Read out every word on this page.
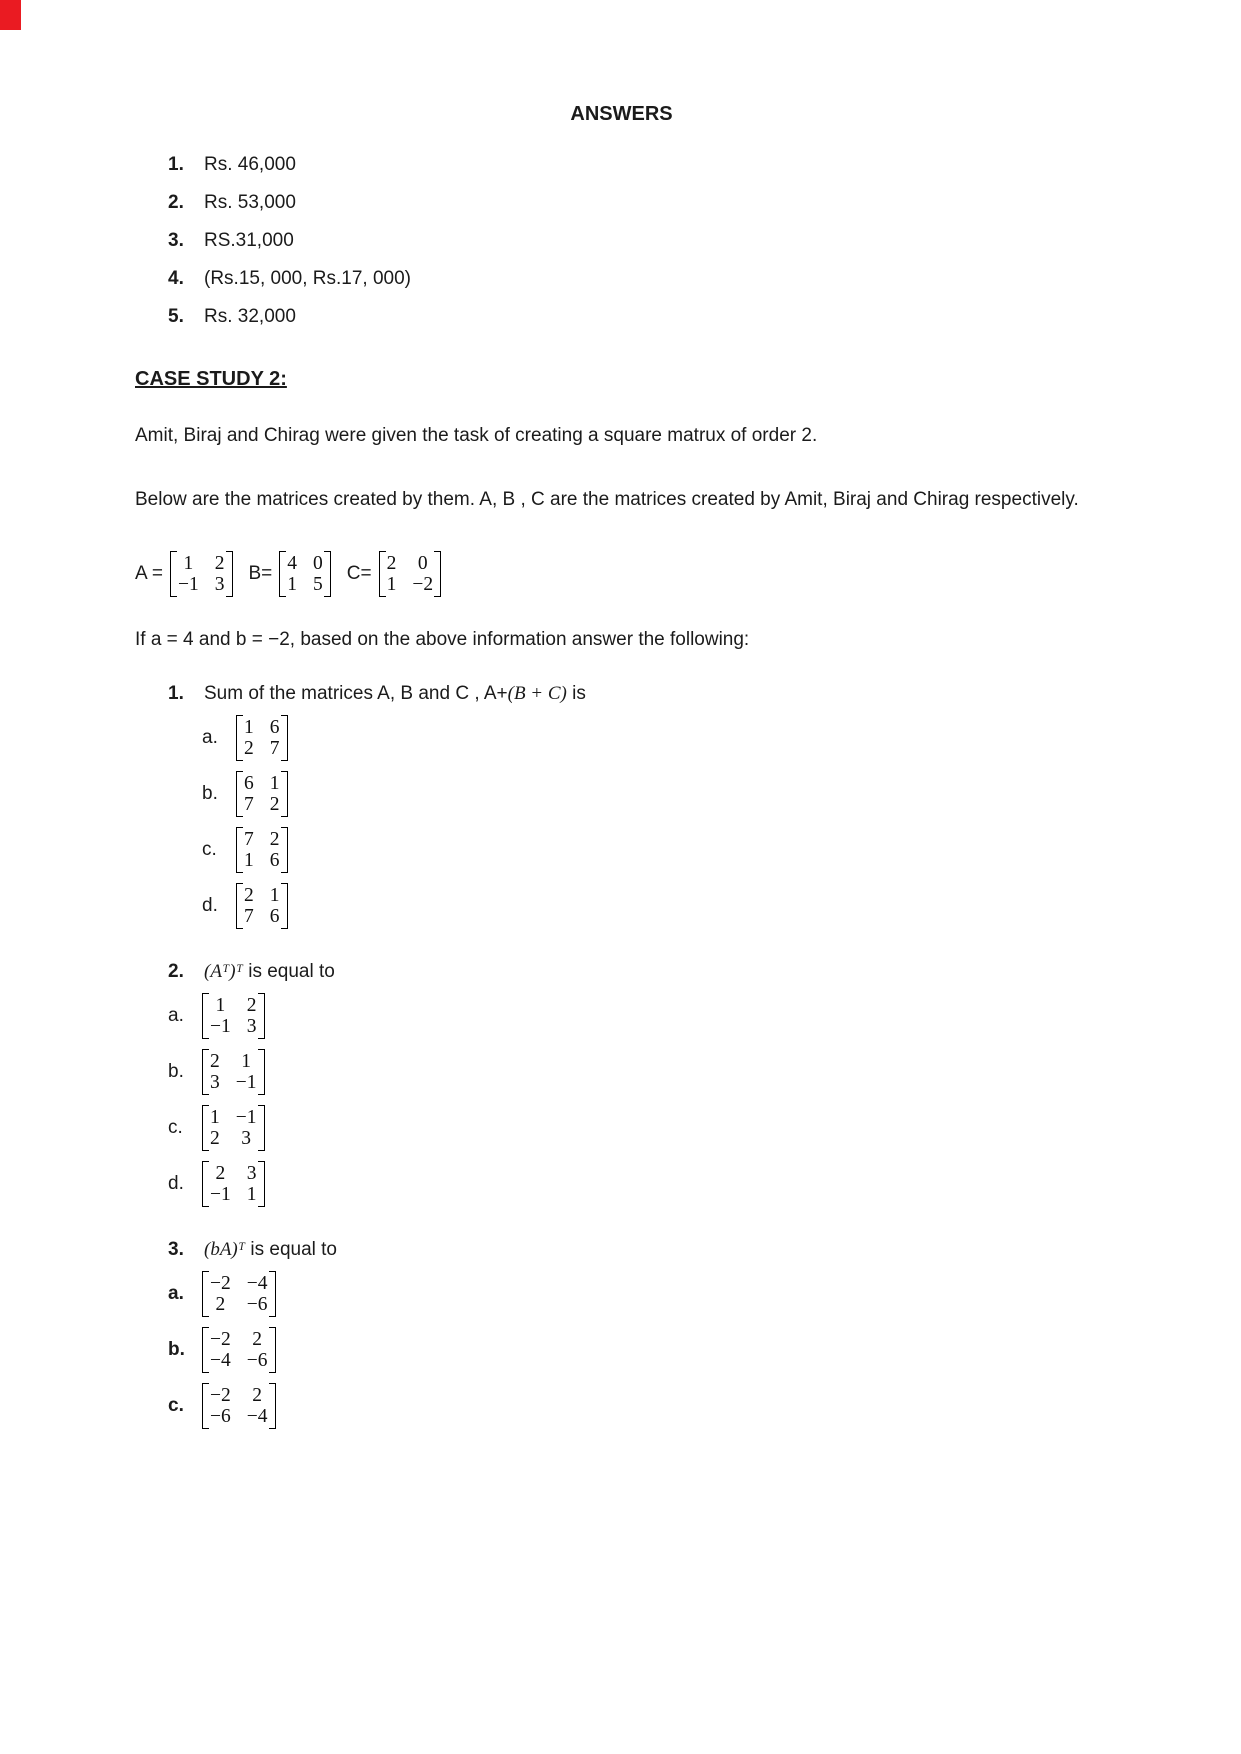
ANSWERS
1.	Rs. 46,000
2.	Rs. 53,000
3.	RS.31,000
4.	(Rs.15, 000, Rs.17, 000)
5.	Rs. 32,000
CASE STUDY 2:

Amit, Biraj and Chirag were given the task of creating a square matrux of order 2.

Below are the matrices created by them. A, B , C are the matrices created by Amit, Biraj and Chirag respectively.

A = 1 2
−1 3
B= 4 0
1 5
C= 2 0
1 −2

If a = 4 and b = −2, based on the above information answer the following:

1.	Sum of the matrices A, B and C , A+(B + C) is
a.	1 6
2 7
b.	6 1
7 2
c.	7 2
1 6
d.	2 1
7 6
2.	(Aᵀ)ᵀ is equal to
a.	1 2
−1 3
b.	2 1
3 −1
c.	1 −1
2 3
d.	2 3
−1 1
3.	(bA)ᵀ is equal to
a.	−2 −4
2 −6
b.	−2 2
−4 −6
c.	−2 2
−6 −4
